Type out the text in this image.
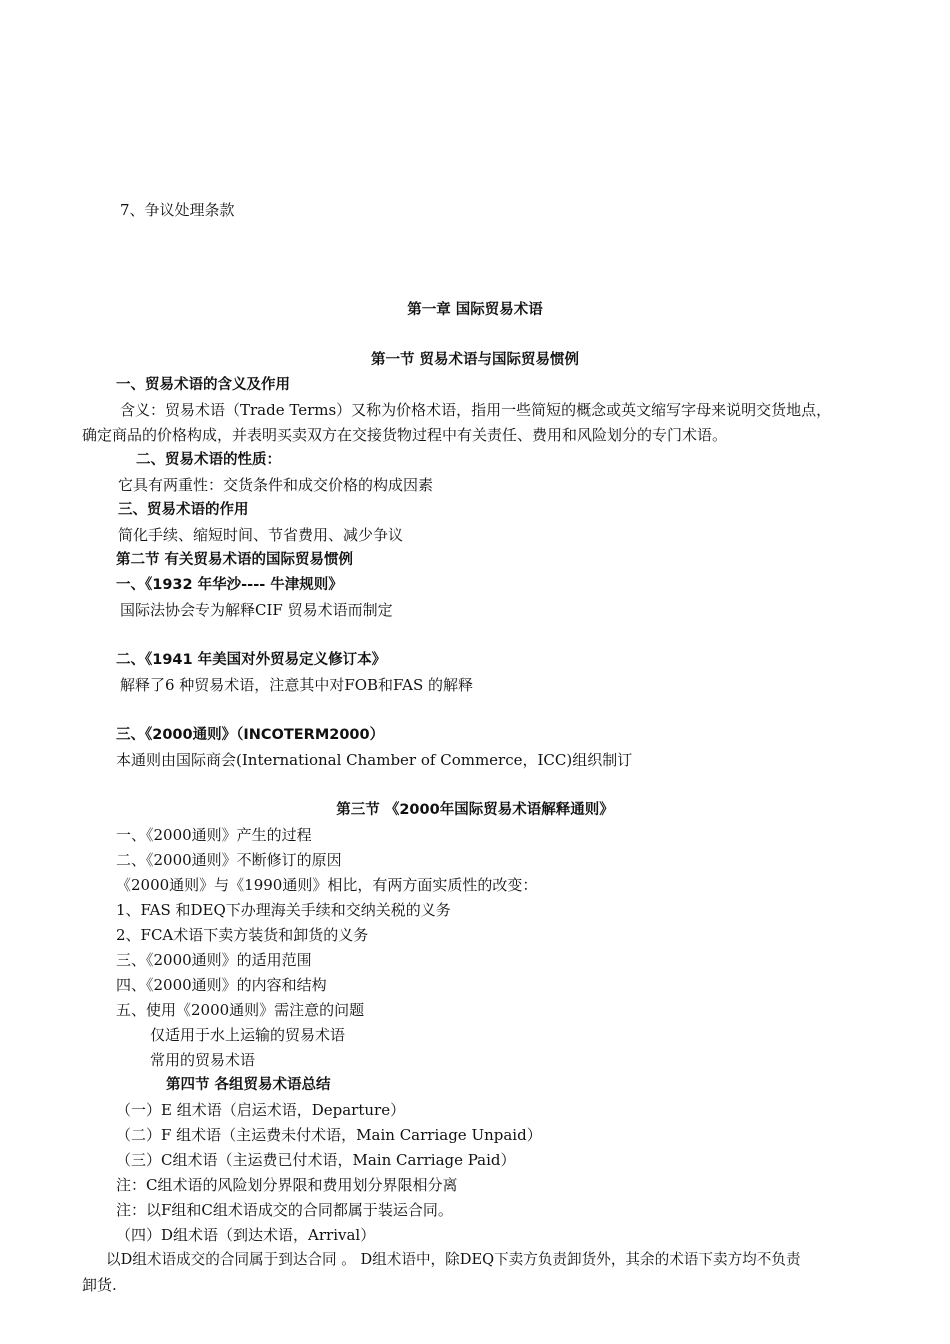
7、争议处理条款
第一章 国际贸易术语
第一节 贸易术语与国际贸易惯例
一、贸易术语的含义及作用
含义：贸易术语（Trade Terms）又称为价格术语，指用一些简短的概念或英文缩写字母来说明交货地点，
确定商品的价格构成，并表明买卖双方在交接货物过程中有关责任、费用和风险划分的专门术语。
二、贸易术语的性质：
它具有两重性：交货条件和成交价格的构成因素
三、贸易术语的作用
简化手续、缩短时间、节省费用、减少争议
第二节 有关贸易术语的国际贸易惯例
一、《1932 年华沙---- 牛津规则》
国际法协会专为解释CIF 贸易术语而制定
二、《1941 年美国对外贸易定义修订本》
解释了6 种贸易术语，注意其中对FOB和FAS 的解释
三、《2000通则》（INCOTERM2000）
本通则由国际商会(International Chamber of Commerce，ICC)组织制订
第三节 《2000年国际贸易术语解释通则》
一、《2000通则》产生的过程
二、《2000通则》不断修订的原因
《2000通则》与《1990通则》相比，有两方面实质性的改变：
1、FAS 和DEQ下办理海关手续和交纳关税的义务
2、FCA术语下卖方装货和卸货的义务
三、《2000通则》的适用范围
四、《2000通则》的内容和结构
五、使用《2000通则》需注意的问题
仅适用于水上运输的贸易术语
常用的贸易术语
第四节 各组贸易术语总结
（一）E 组术语（启运术语，Departure）
（二）F 组术语（主运费未付术语，Main Carriage Unpaid）
（三）C组术语（主运费已付术语，Main Carriage Paid）
注：C组术语的风险划分界限和费用划分界限相分离
注：以F组和C组术语成交的合同都属于装运合同。
（四）D组术语（到达术语，Arrival）
以D组术语成交的合同属于到达合同 。 D组术语中，除DEQ下卖方负责卸货外，其余的术语下卖方均不负责
卸货.
